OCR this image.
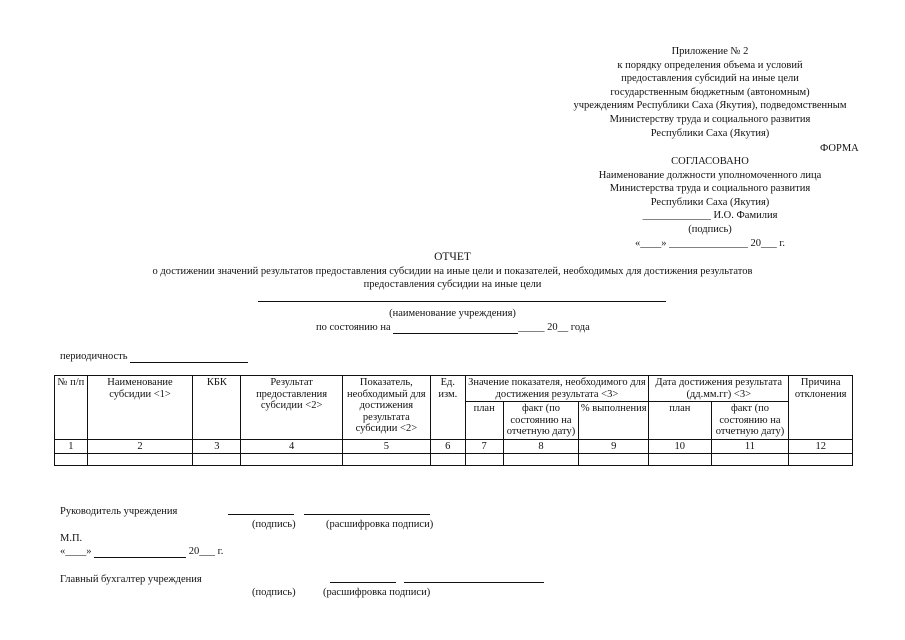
Приложение № 2
к порядку определения объема и условий
предоставления субсидий на иные цели
государственным бюджетным (автономным)
учреждениям Республики Саха (Якутия), подведомственным
Министерству труда и социального развития
Республики Саха (Якутия)
ФОРМА
СОГЛАСОВАНО
Наименование должности уполномоченного лица
Министерства труда и социального развития
Республики Саха (Якутия)
_____________ И.О. Фамилия
(подпись)
«____» _______________ 20___ г.
ОТЧЕТ
о достижении значений результатов предоставления субсидии на иные цели и показателей, необходимых для достижения результатов
предоставления субсидии на иные цели
(наименование учреждения)
по состоянию на	_____ 20__ года
периодичность
№ п/п	Наименование субсидии <1>	КБК	Результат предоставления субсидии <2>	Показатель, необходимый для достижения результата субсидии <2>	Ед. изм.	Значение показателя, необходимого для достижения результата <3>			Дата достижения результата (дд.мм.гг) <3>		Причина отклонения
						план	факт (по состоянию на отчетную дату)	% выполнения	план	факт (по состоянию на отчетную дату)	
1	2	3	4	5	6	7	8	9	10	11	12

Руководитель учреждения
(подпись)	(расшифровка подписи)
М.П.
«____»	20___ г.
Главный бухгалтер учреждения
(подпись)	(расшифровка подписи)
